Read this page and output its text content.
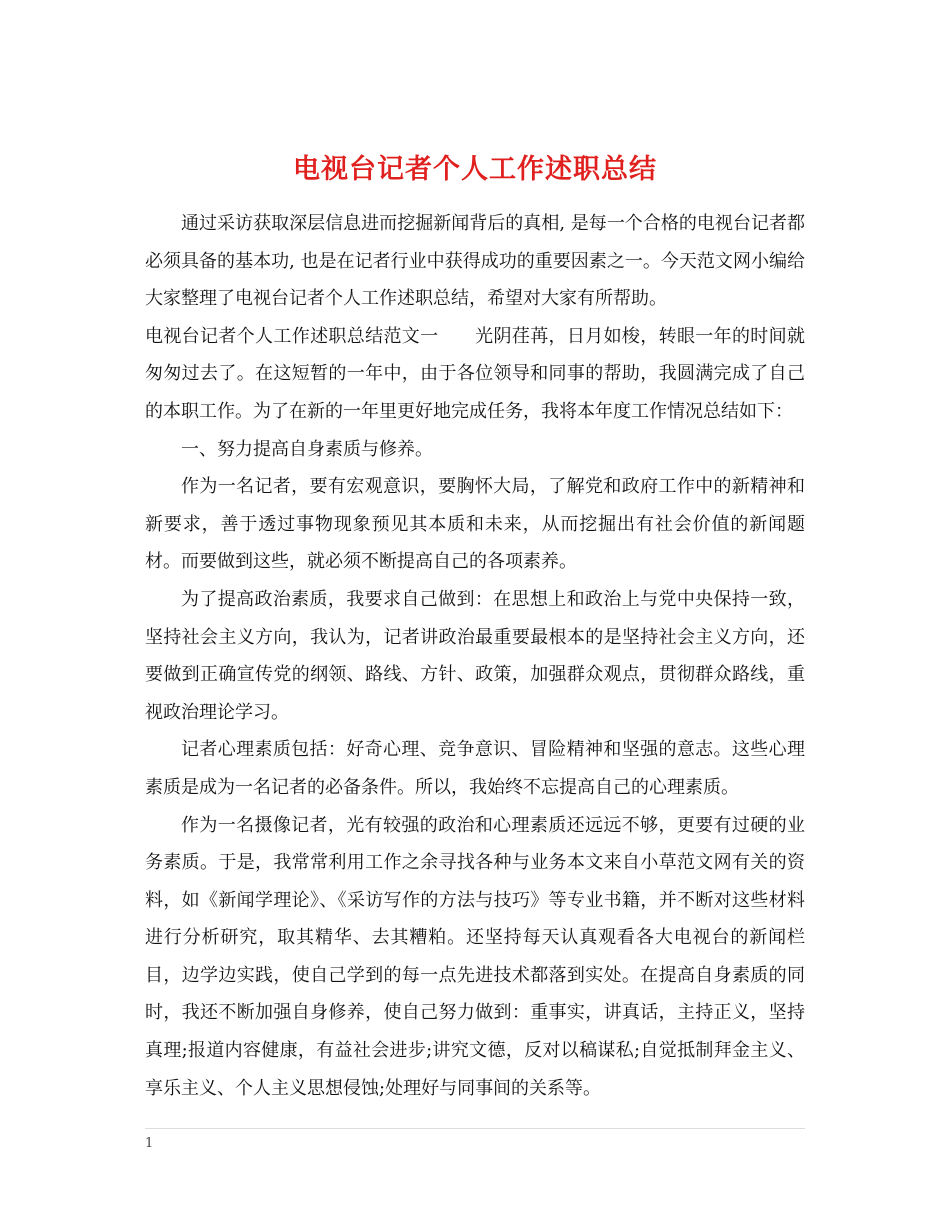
电视台记者个人工作述职总结

通过采访获取深层信息进而挖掘新闻背后的真相, 是每一个合格的电视台记者都必须具备的基本功, 也是在记者行业中获得成功的重要因素之一。今天范文网小编给大家整理了电视台记者个人工作述职总结，希望对大家有所帮助。

电视台记者个人工作述职总结范文一　　光阴荏苒，日月如梭，转眼一年的时间就匆匆过去了。在这短暂的一年中，由于各位领导和同事的帮助，我圆满完成了自己的本职工作。为了在新的一年里更好地完成任务，我将本年度工作情况总结如下：

一、努力提高自身素质与修养。

作为一名记者，要有宏观意识，要胸怀大局，了解党和政府工作中的新精神和新要求，善于透过事物现象预见其本质和未来，从而挖掘出有社会价值的新闻题材。而要做到这些，就必须不断提高自己的各项素养。

为了提高政治素质，我要求自己做到：在思想上和政治上与党中央保持一致，坚持社会主义方向，我认为，记者讲政治最重要最根本的是坚持社会主义方向，还要做到正确宣传党的纲领、路线、方针、政策，加强群众观点，贯彻群众路线，重视政治理论学习。

记者心理素质包括：好奇心理、竞争意识、冒险精神和坚强的意志。这些心理素质是成为一名记者的必备条件。所以，我始终不忘提高自己的心理素质。

作为一名摄像记者，光有较强的政治和心理素质还远远不够，更要有过硬的业务素质。于是，我常常利用工作之余寻找各种与业务本文来自小草范文网有关的资料，如《新闻学理论》、《采访写作的方法与技巧》等专业书籍，并不断对这些材料进行分析研究，取其精华、去其糟粕。还坚持每天认真观看各大电视台的新闻栏目，边学边实践，使自己学到的每一点先进技术都落到实处。在提高自身素质的同时，我还不断加强自身修养，使自己努力做到：重事实，讲真话，主持正义，坚持真理;报道内容健康，有益社会进步;讲究文德，反对以稿谋私;自觉抵制拜金主义、享乐主义、个人主义思想侵蚀;处理好与同事间的关系等。

1
